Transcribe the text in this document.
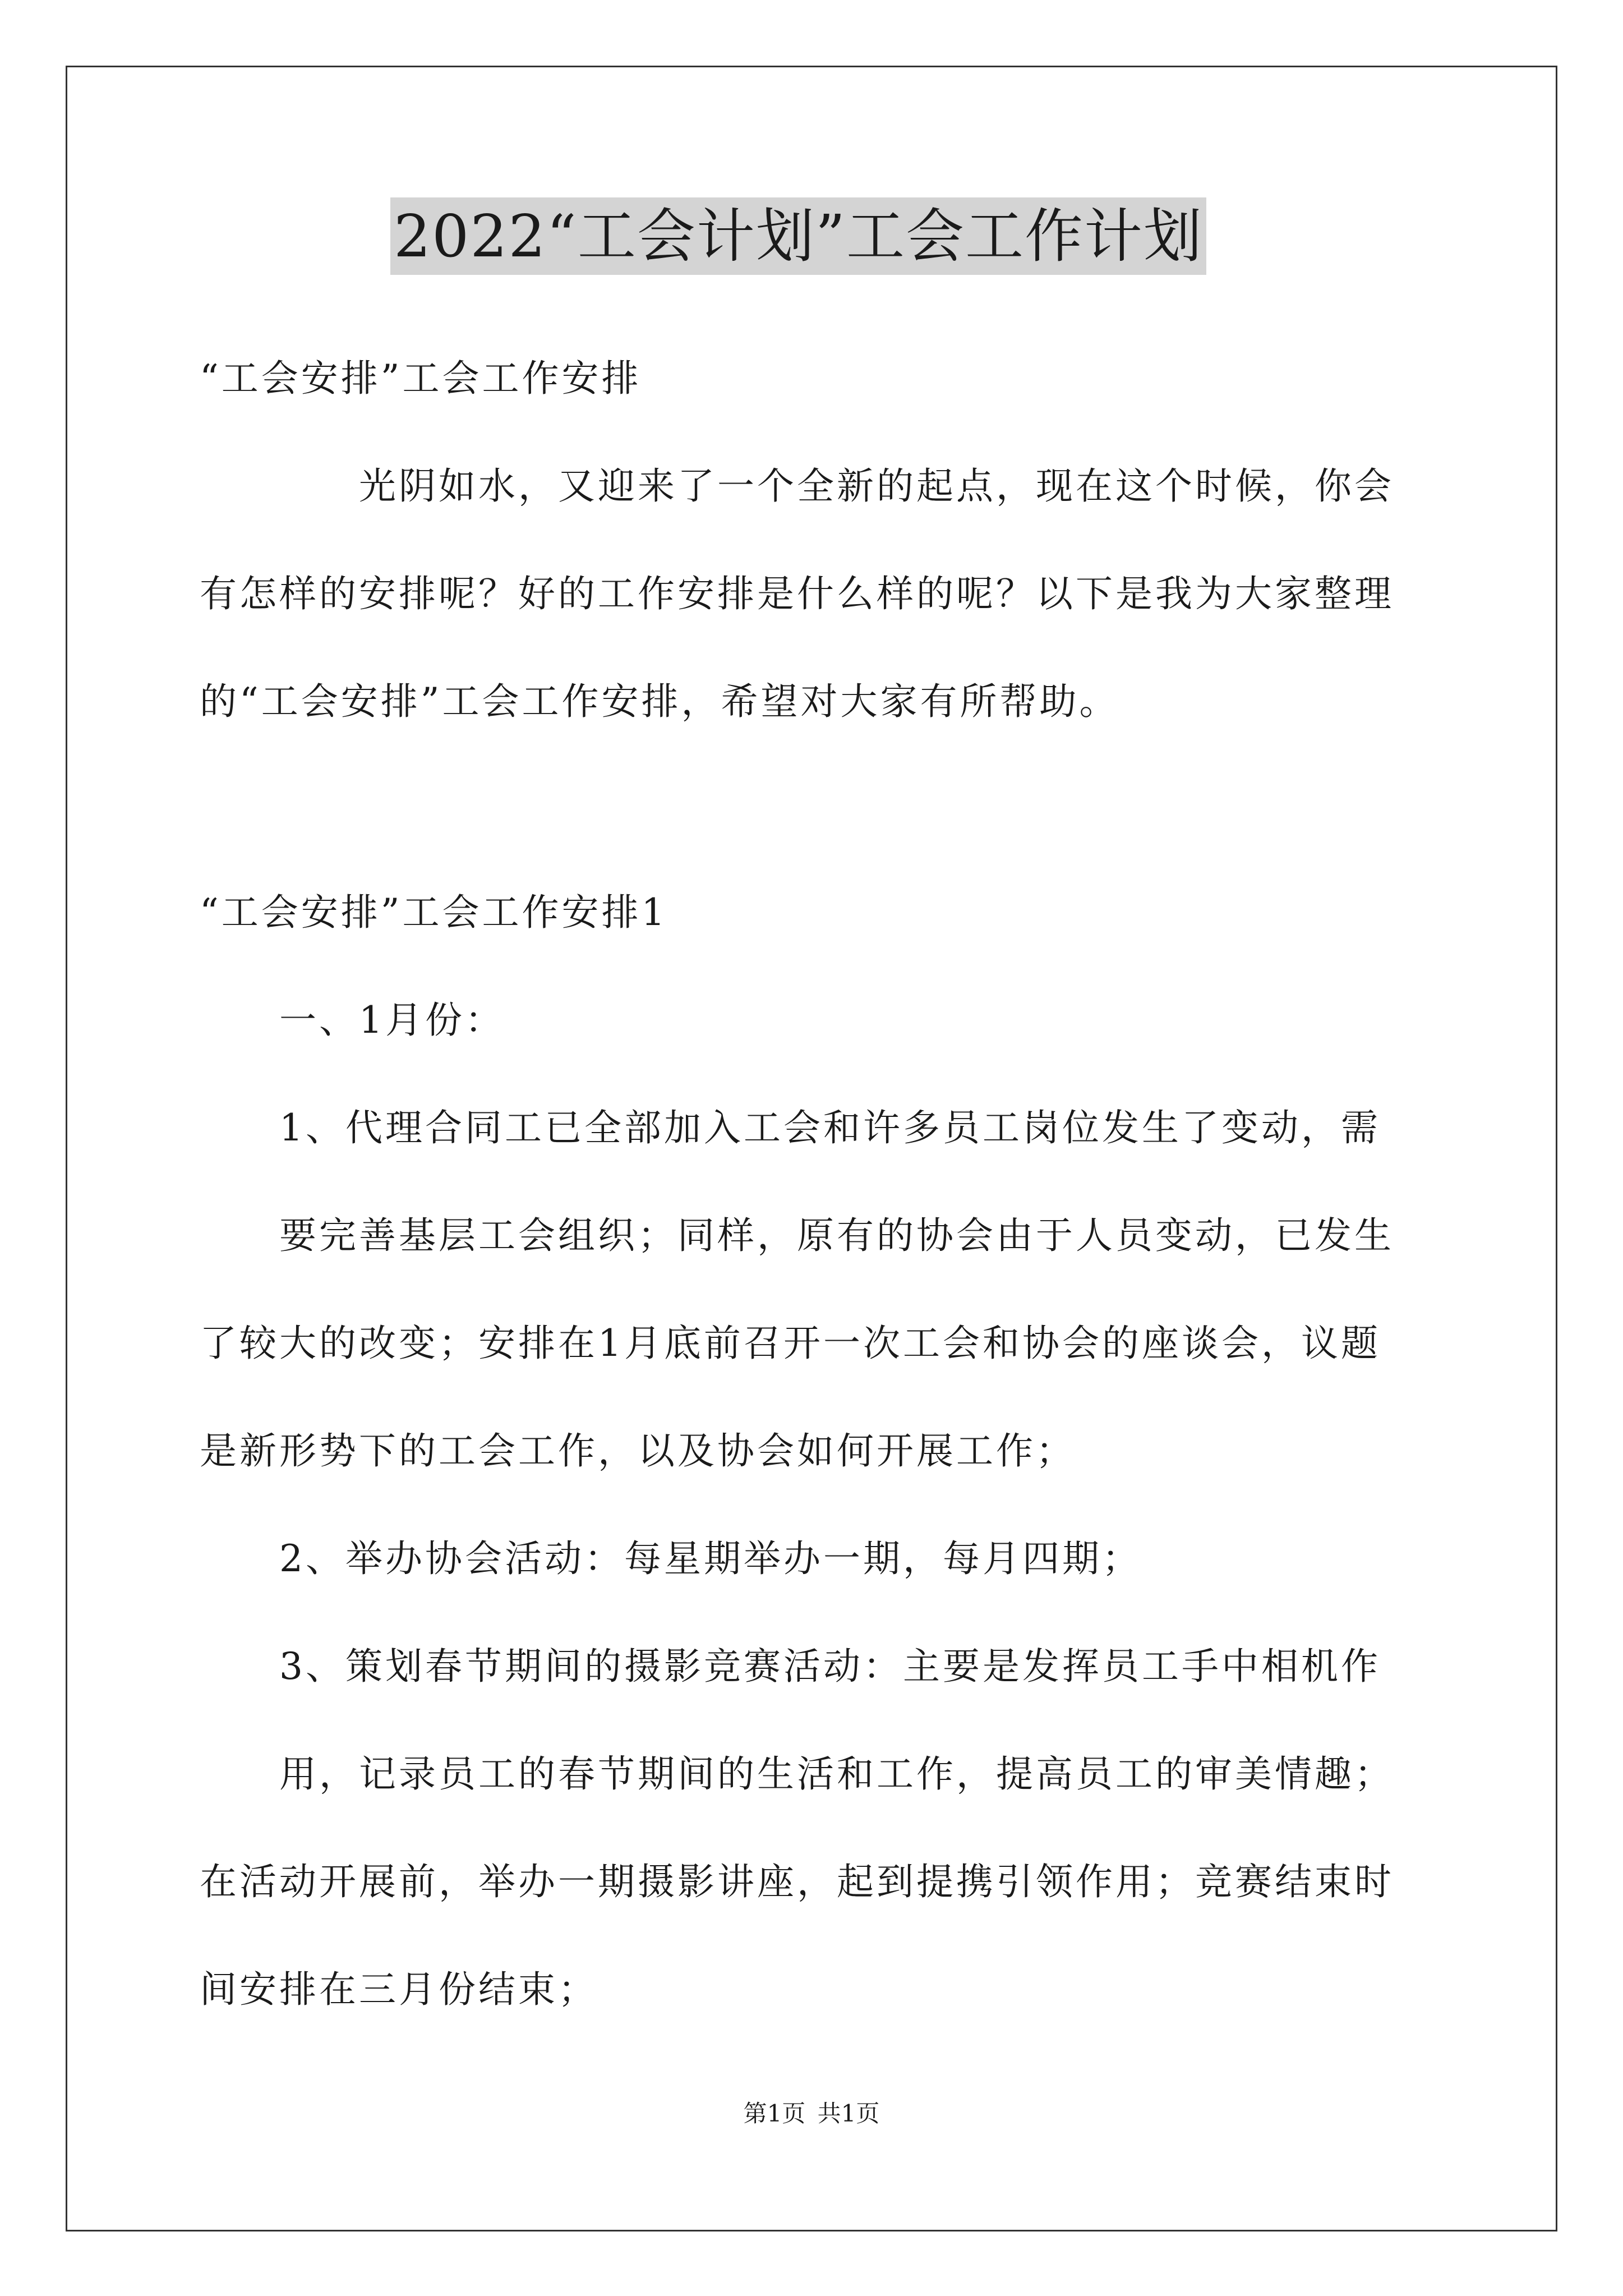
2022“工会计划”工会工作计划
“工会安排”工会工作安排
光阴如水，又迎来了一个全新的起点，现在这个时候，你会
有怎样的安排呢？好的工作安排是什么样的呢？以下是我为大家整理
的“工会安排”工会工作安排，希望对大家有所帮助。
“工会安排”工会工作安排1
一、1月份：
1、代理合同工已全部加入工会和许多员工岗位发生了变动，需
要完善基层工会组织；同样，原有的协会由于人员变动，已发生
了较大的改变；安排在1月底前召开一次工会和协会的座谈会，议题
是新形势下的工会工作，以及协会如何开展工作；
2、举办协会活动：每星期举办一期，每月四期；
3、策划春节期间的摄影竞赛活动：主要是发挥员工手中相机作
用，记录员工的春节期间的生活和工作，提高员工的审美情趣；
在活动开展前，举办一期摄影讲座，起到提携引领作用；竞赛结束时
间安排在三月份结束；
第1页 共1页
